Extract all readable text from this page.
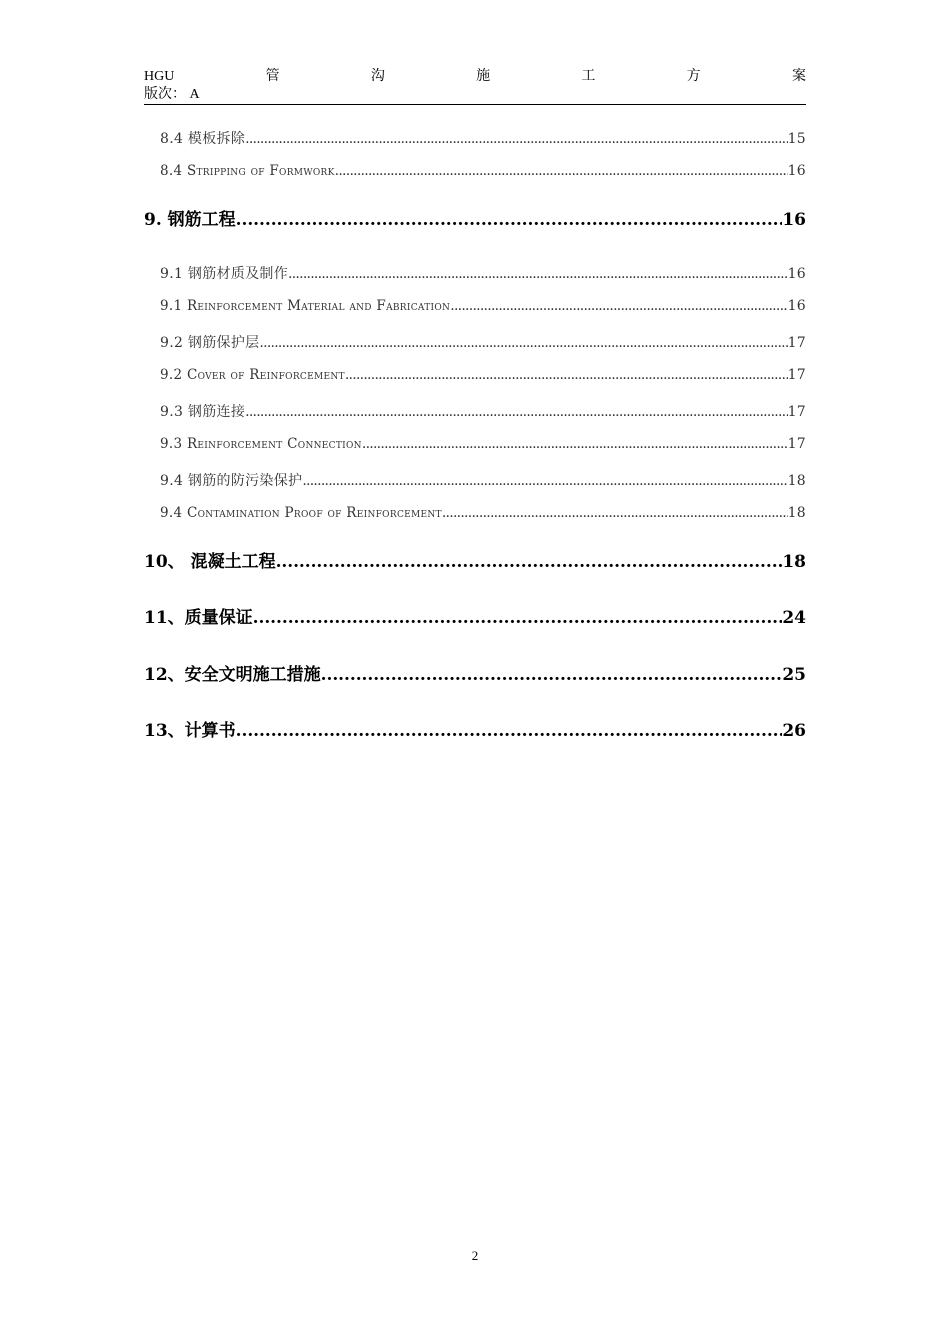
HGU	管	沟	施	工	方	案
版次： A
8.4 模板拆除 . . .	15
8.4 Stripping of Formwork . . .	16
9. 钢筋工程 . . .	16
9.1 钢筋材质及制作 . . .	16
9.1 Reinforcement Material and Fabrication . . .	16
9.2 钢筋保护层 . . .	17
9.2 Cover of Reinforcement . . .	17
9.3 钢筋连接 . . .	17
9.3 Reinforcement Connection . . .	17
9.4 钢筋的防污染保护 . . .	18
9.4 Contamination Proof of Reinforcement . . .	18
10、 混凝土工程 . . .	18
11、质量保证 . . .	24
12、安全文明施工措施 . . .	25
13、计算书 . . .	26
2
